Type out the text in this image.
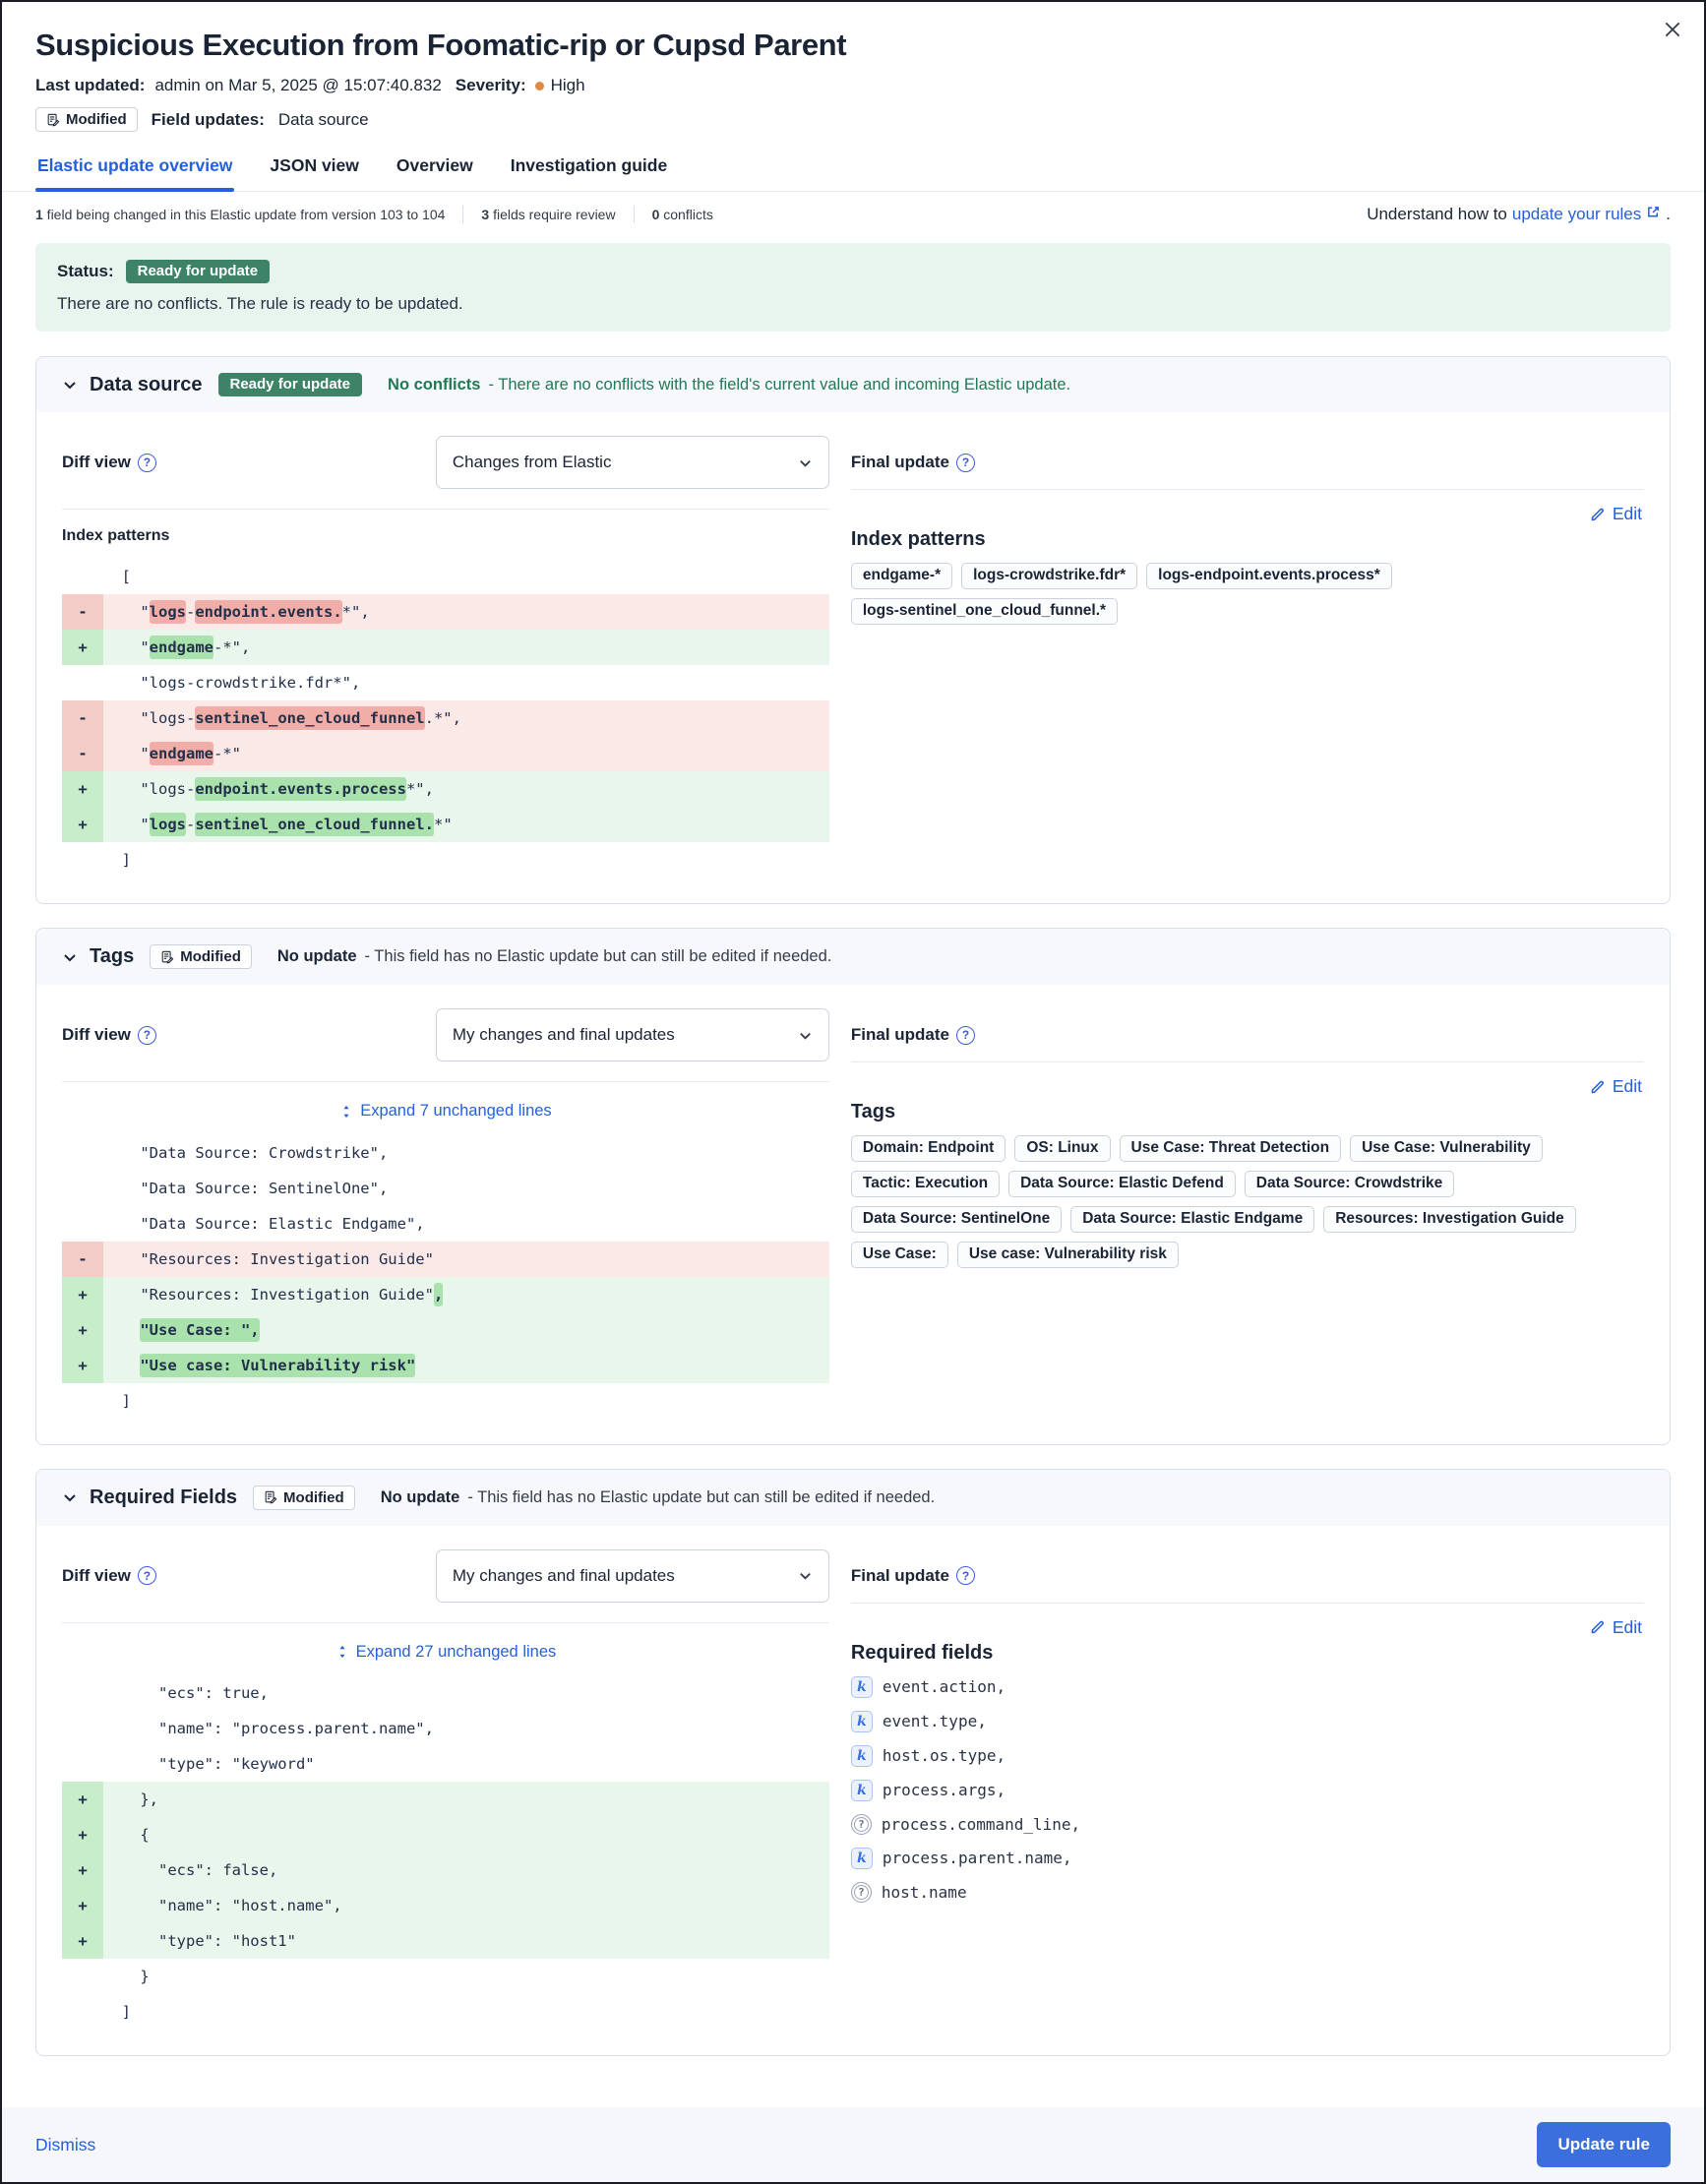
Suspicious Execution from Foomatic-rip or Cupsd Parent
Last updated: admin on Mar 5, 2025 @ 15:07:40.832 Severity: High
Modified Field updates: Data source
Elastic update overview JSON view Overview Investigation guide
1 field being changed in this Elastic update from version 103 to 104	3 fields require review	0 conflicts	Understand how to update your rules .
Status:	Ready for update
There are no conflicts. The rule is ready to be updated.
Data source	Ready for update	No conflicts - There are no conflicts with the field's current value and incoming Elastic update.
Diff view	?	Changes from Elastic
Index patterns
[
-	"logs-endpoint.events.*",
+	"endgame-*",
"logs-crowdstrike.fdr*",
-	"logs-sentinel_one_cloud_funnel.*",
-	"endgame-*"
+	"logs-endpoint.events.process*",
+	"logs-sentinel_one_cloud_funnel.*"
]
Final update	?
Edit
Index patterns
endgame-*	logs-crowdstrike.fdr*	logs-endpoint.events.process*
logs-sentinel_one_cloud_funnel.*
Tags	Modified No update - This field has no Elastic update but can still be edited if needed.
Diff view	?	My changes and final updates
Expand 7 unchanged lines
"Data Source: Crowdstrike",
"Data Source: SentinelOne",
"Data Source: Elastic Endgame",
-	"Resources: Investigation Guide"
+	"Resources: Investigation Guide",
+	"Use Case: ",
+	"Use case: Vulnerability risk"
]
Final update	?
Edit
Tags
Domain: Endpoint	OS: Linux	Use Case: Threat Detection	Use Case: Vulnerability
Tactic: Execution	Data Source: Elastic Defend	Data Source: Crowdstrike
Data Source: SentinelOne	Data Source: Elastic Endgame	Resources: Investigation Guide
Use Case:	Use case: Vulnerability risk
Required Fields	Modified No update - This field has no Elastic update but can still be edited if needed.
Diff view	?	My changes and final updates
Expand 27 unchanged lines
"ecs": true,
"name": "process.parent.name",
"type": "keyword"
+	},
+	{
+	"ecs": false,
+	"name": "host.name",
+	"type": "host1"
}
]
Final update	?
Edit
Required fields
k	event.action,
k	event.type,
k	host.os.type,
k	process.args,
?	process.command_line,
k	process.parent.name,
?	host.name
Dismiss	Update rule
